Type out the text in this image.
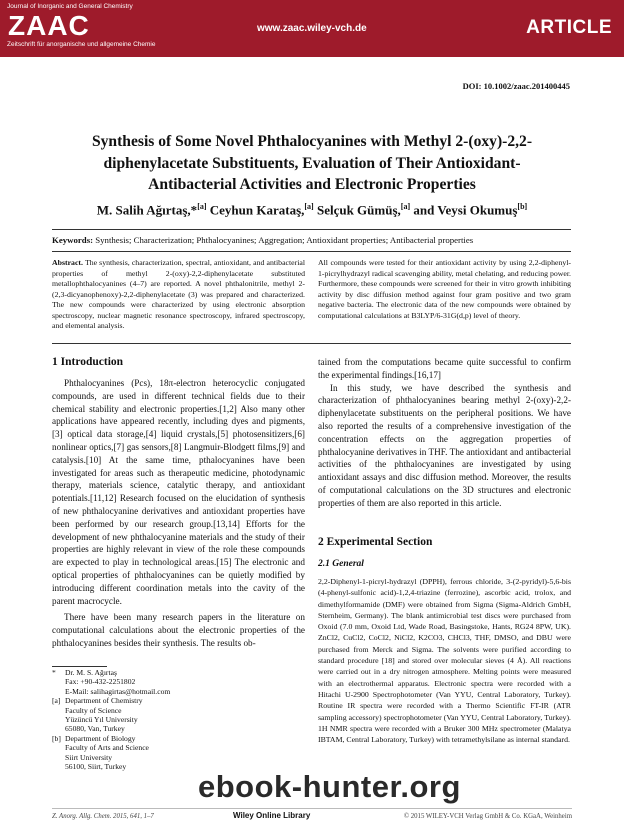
Journal of Inorganic and General Chemistry
ZAAC
Zeitschrift für anorganische und allgemeine Chemie
www.zaac.wiley-vch.de	ARTICLE
DOI: 10.1002/zaac.201400445
Synthesis of Some Novel Phthalocyanines with Methyl 2-(oxy)-2,2-diphenylacetate Substituents, Evaluation of Their Antioxidant- Antibacterial Activities and Electronic Properties
M. Salih Ağırtaş,*[a] Ceyhun Karataş,[a] Selçuk Gümüş,[a] and Veysi Okumuş[b]
Keywords: Synthesis; Characterization; Phthalocyanines; Aggregation; Antioxidant properties; Antibacterial properties

Abstract. The synthesis, characterization, spectral, antioxidant, and antibacterial properties of methyl 2-(oxy)-2,2-diphenylacetate substituted metallophthalocyanines (4–7) are reported. A novel phthalonitrile, methyl 2-(2,3-dicyanophenoxy)-2,2-diphenylacetate (3) was prepared and characterized. The new compounds were characterized by using electronic absorption spectroscopy, nuclear magnetic resonance spectroscopy, infrared spectroscopy, and elemental analysis.

All compounds were tested for their antioxidant activity by using 2,2-diphenyl-1-picrylhydrazyl radical scavenging ability, metal chelating, and reducing power. Furthermore, these compounds were screened for their in vitro growth inhibiting activity by disc diffusion method against four gram positive and two gram negative bacteria. The electronic data of the new compounds were obtained by computational calculations at B3LYP/6-31G(d,p) level of theory.

1 Introduction

Phthalocyanines (Pcs), 18π-electron heterocyclic conjugated compounds, are used in different technical fields due to their chemical stability and electronic properties.[1,2] Also many other applications have appeared recently, including dyes and pigments,[3] optical data storage,[4] liquid crystals,[5] photosensitizers,[6] nonlinear optics,[7] gas sensors,[8] Langmuir-Blodgett films,[9] and catalysis.[10] At the same time, pthalocyanines have been investigated for areas such as therapeutic medicine, photodynamic therapy, materials science, catalytic therapy, and antioxidant potentials.[11,12] Research focused on the elucidation of synthesis of new phthalocyanine derivatives and antioxidant properties have been performed by our research group.[13,14] Efforts for the development of new phthalocyanine materials and the study of their properties are highly relevant in view of the role these compounds are expected to play in technological areas.[15] The electronic and optical properties of phthalocyanines can be quietly modified by introducing different coordination metals into the cavity of the parent macrocycle.

There have been many research papers in the literature on computational calculations about the electronic properties of the phthalocyanines besides their synthesis. The results ob-

*	Dr. M. S. Ağırtaş
Fax: +90-432-2251802
E-Mail: salihagirtas@hotmail.com
[a] Department of Chemistry
Faculty of Science
Yüzüncü Yıl University
65080, Van, Turkey
[b] Department of Biology
Faculty of Arts and Science
Siirt University
56100, Siirt, Turkey

tained from the computations became quite successful to confirm the experimental findings.[16,17]

In this study, we have described the synthesis and characterization of phthalocyanines bearing methyl 2-(oxy)-2,2-diphenylacetate substituents on the peripheral positions. We have also reported the results of a comprehensive investigation of the concentration effects on the aggregation properties of phthalocyanine derivatives in THF. The antioxidant and antibacterial activities of the phthalocyanines are investigated by using antioxidant assays and disc diffusion method. Moreover, the results of computational calculations on the 3D structures and electronic properties of them are also reported in this article.

2 Experimental Section
2.1 General

2,2-Diphenyl-1-picryl-hydrazyl (DPPH), ferrous chloride, 3-(2-pyridyl)-5,6-bis (4-phenyl-sulfonic acid)-1,2,4-triazine (ferrozine), ascorbic acid, trolox, and dimethylformamide (DMF) were obtained from Sigma (Sigma-Aldrich GmbH, Sternheim, Germany). The blank antimicrobial test discs were purchased from Oxoid (7.0 mm, Oxoid Ltd, Wade Road, Basingstoke, Hants, RG24 8PW, UK). ZnCl2, CuCl2, CoCl2, NiCl2, K2CO3, CHCl3, THF, DMSO, and DBU were purchased from Merck and Sigma. The solvents were purified according to standard procedure [18] and stored over molecular sieves (4 Å). All reactions were carried out in a dry nitrogen atmosphere. Melting points were measured with an electrothermal apparatus. Electronic spectra were recorded with a Hitachi U-2900 Spectrophotometer (Van YYU, Central Laboratory, Turkey). Routine IR spectra were recorded with a Thermo Scientific FT-IR (ATR sampling accessory) spectrophotometer (Van YYU, Central Laboratory, Turkey). 1H NMR spectra were recorded with a Bruker 300 MHz spectrometer (Malatya IBTAM, Central Laboratory, Turkey) with tetramethylsilane as internal standard.

Z. Anorg. Allg. Chem. 2015, 641, 1–7	© 2015 WILEY-VCH Verlag GmbH & Co. KGaA, Weinheim
ebook-hunter.org
Wiley Online Library
